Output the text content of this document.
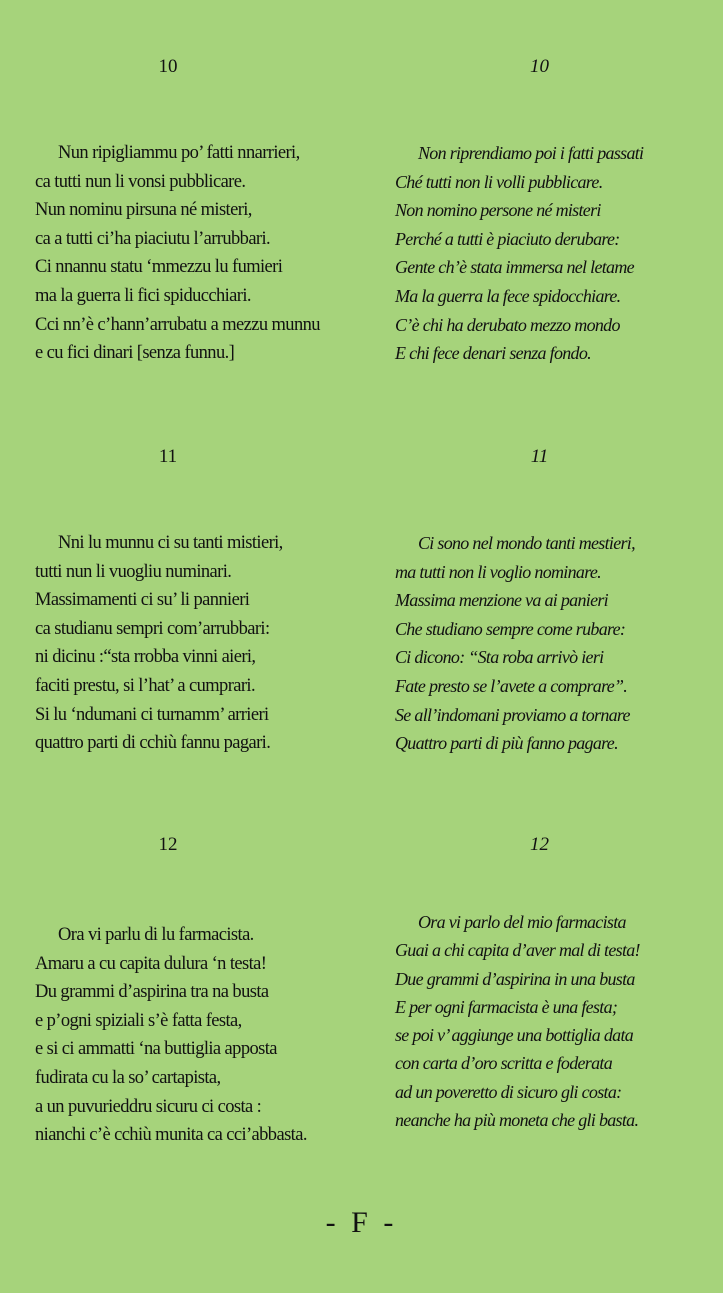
10
Nun ripigliammu po’ fatti nnarrieri,
ca tutti nun li vonsi pubblicare.
Nun nominu pirsuna né misteri,
ca a tutti ci’ha piaciutu l’arrubbari.
Ci nnannu statu ‘mmezzu lu fumieri
ma la guerra li fici spiducchiari.
Cci nn’è c’hann’arrubatu a mezzu munnu
e cu fici dinari [senza funnu.]
11
Nni lu munnu ci su tanti mistieri,
tutti nun li vuogliu numinari.
Massimamenti ci su’ li pannieri
ca studianu sempri com’arrubbari:
ni dicinu :“sta rrobba vinni aieri,
faciti prestu, si l’hat’ a cumprari.
Si lu ‘ndumani ci turnamm’ arrieri
quattro parti di cchiù fannu pagari.
12
Ora vi parlu di lu farmacista.
Amaru a cu capita dulura ‘n testa!
Du grammi d’aspirina tra na busta
e p’ogni spiziali s’è fatta festa,
e si ci ammatti ‘na buttiglia apposta
fudirata cu la so’ cartapista,
a un puvurieddru sicuru ci costa :
nianchi c’è cchiù munita ca cci’abbasta.
10
Non riprendiamo poi i fatti passati
Ché tutti non li volli pubblicare.
Non nomino persone né misteri
Perché a tutti è piaciuto derubare:
Gente ch’è stata immersa nel letame
Ma la guerra la fece spidocchiare.
C’è chi ha derubato mezzo mondo
E chi fece denari senza fondo.
11
Ci sono nel mondo tanti mestieri,
ma tutti non li voglio nominare.
Massima menzione va ai panieri
Che studiano sempre come rubare:
Ci dicono: “Sta roba arrivò ieri
Fate presto se l’avete a comprare”.
Se all’indomani proviamo a tornare
Quattro parti di più fanno pagare.
12
Ora vi parlo del mio farmacista
Guai a chi capita d’aver mal di testa!
Due grammi d’aspirina in una busta
E per ogni farmacista è una festa;
se poi v’ aggiunge una bottiglia data
con carta d’oro scritta e foderata
ad un poveretto di sicuro gli costa:
neanche ha più moneta che gli basta.
- F -
